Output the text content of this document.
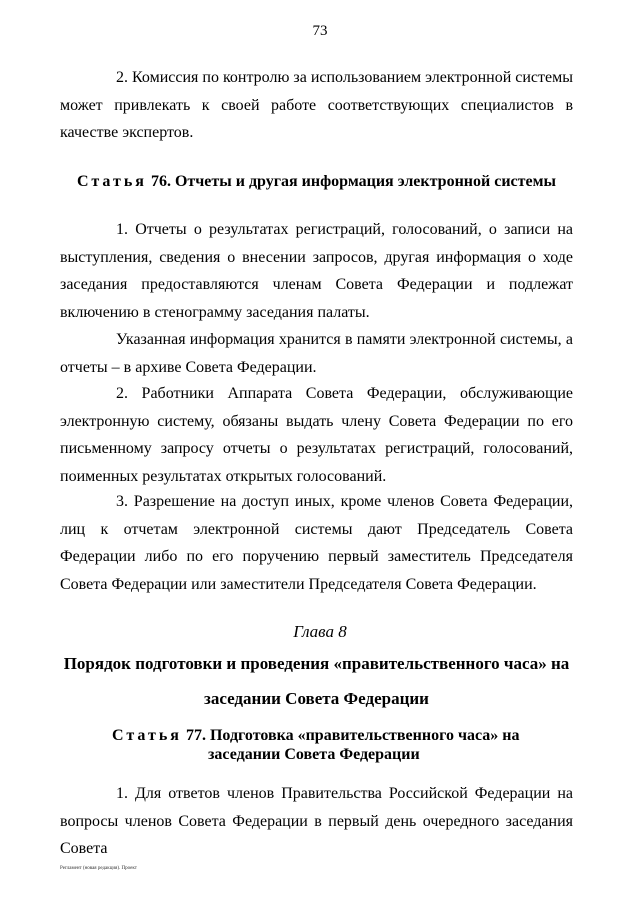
73

2. Комиссия по контролю за использованием электронной системы может привлекать к своей работе соответствующих специалистов в качестве экспертов.

Статья 76. Отчеты и другая информация электронной системы

1. Отчеты о результатах регистраций, голосований, о записи на выступления, сведения о внесении запросов, другая информация о ходе заседания предоставляются членам Совета Федерации и подлежат включению в стенограмму заседания палаты.

Указанная информация хранится в памяти электронной системы, а отчеты – в архиве Совета Федерации.

2. Работники Аппарата Совета Федерации, обслуживающие электронную систему, обязаны выдать члену Совета Федерации по его письменному запросу отчеты о результатах регистраций, голосований, поименных результатах открытых голосований.

3. Разрешение на доступ иных, кроме членов Совета Федерации, лиц к отчетам электронной системы дают Председатель Совета Федерации либо по его поручению первый заместитель Председателя Совета Федерации или заместители Председателя Совета Федерации.

Глава 8
Порядок подготовки и проведения «правительственного часа» на
заседании Совета Федерации
Статья 77. Подготовка «правительственного часа» на
заседании Совета Федерации

1. Для ответов членов Правительства Российской Федерации на вопросы членов Совета Федерации в первый день очередного заседания Совета

Регламент (новая редакция). Проект
